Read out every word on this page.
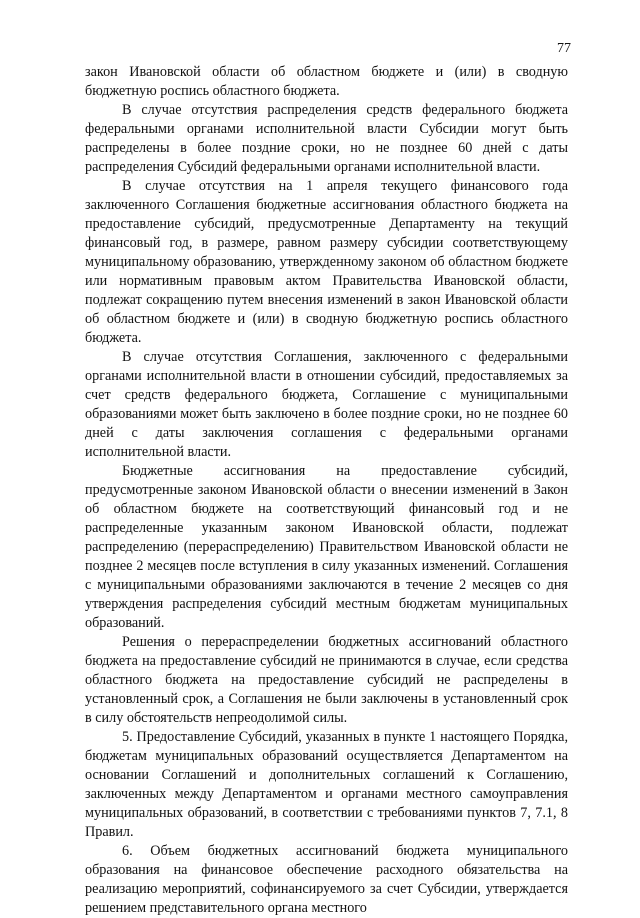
77

закон Ивановской области об областном бюджете и (или) в сводную бюджетную роспись областного бюджета.

В случае отсутствия распределения средств федерального бюджета федеральными органами исполнительной власти Субсидии могут быть распределены в более поздние сроки, но не позднее 60 дней с даты распределения Субсидий федеральными органами исполнительной власти.

В случае отсутствия на 1 апреля текущего финансового года заключенного Соглашения бюджетные ассигнования областного бюджета на предоставление субсидий, предусмотренные Департаменту на текущий финансовый год, в размере, равном размеру субсидии соответствующему муниципальному образованию, утвержденному законом об областном бюджете или нормативным правовым актом Правительства Ивановской области, подлежат сокращению путем внесения изменений в закон Ивановской области об областном бюджете и (или) в сводную бюджетную роспись областного бюджета.

В случае отсутствия Соглашения, заключенного с федеральными органами исполнительной власти в отношении субсидий, предоставляемых за счет средств федерального бюджета, Соглашение с муниципальными образованиями может быть заключено в более поздние сроки, но не позднее 60 дней с даты заключения соглашения с федеральными органами исполнительной власти.

Бюджетные ассигнования на предоставление субсидий, предусмотренные законом Ивановской области о внесении изменений в Закон об областном бюджете на соответствующий финансовый год и не распределенные указанным законом Ивановской области, подлежат распределению (перераспределению) Правительством Ивановской области не позднее 2 месяцев после вступления в силу указанных изменений. Соглашения с муниципальными образованиями заключаются в течение 2 месяцев со дня утверждения распределения субсидий местным бюджетам муниципальных образований.

Решения о перераспределении бюджетных ассигнований областного бюджета на предоставление субсидий не принимаются в случае, если средства областного бюджета на предоставление субсидий не распределены в установленный срок, а Соглашения не были заключены в установленный срок в силу обстоятельств непреодолимой силы.

5. Предоставление Субсидий, указанных в пункте 1 настоящего Порядка, бюджетам муниципальных образований осуществляется Департаментом на основании Соглашений и дополнительных соглашений к Соглашению, заключенных между Департаментом и органами местного самоуправления муниципальных образований, в соответствии с требованиями пунктов 7, 7.1, 8 Правил.

6. Объем бюджетных ассигнований бюджета муниципального образования на финансовое обеспечение расходного обязательства на реализацию мероприятий, софинансируемого за счет Субсидии, утверждается решением представительного органа местного
